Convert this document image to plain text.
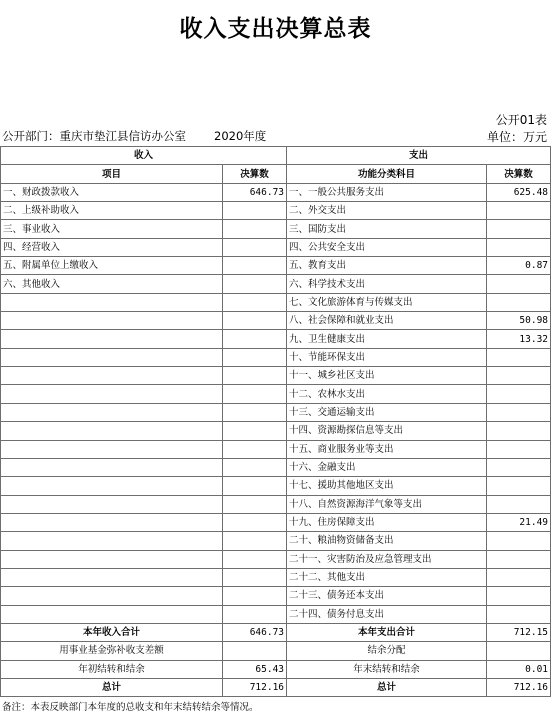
收入支出决算总表
公开01表
公开部门：重庆市垫江县信访办公室 2020年度	单位：万元
收入		支出	
项目	决算数	功能分类科目	决算数
一、财政拨款收入	646.73	一、一般公共服务支出	625.48
二、上级补助收入		二、外交支出	
三、事业收入		三、国防支出	
四、经营收入		四、公共安全支出	
五、附属单位上缴收入		五、教育支出	0.87
六、其他收入		六、科学技术支出	
		七、文化旅游体育与传媒支出	
		八、社会保障和就业支出	50.98
		九、卫生健康支出	13.32
		十、节能环保支出	
		十一、城乡社区支出	
		十二、农林水支出	
		十三、交通运输支出	
		十四、资源勘探信息等支出	
		十五、商业服务业等支出	
		十六、金融支出	
		十七、援助其他地区支出	
		十八、自然资源海洋气象等支出	
		十九、住房保障支出	21.49
		二十、粮油物资储备支出	
		二十一、灾害防治及应急管理支出	
		二十二、其他支出	
		二十三、债务还本支出	
		二十四、债务付息支出	
本年收入合计	646.73	本年支出合计	712.15
用事业基金弥补收支差额		结余分配	
年初结转和结余	65.43	年末结转和结余	0.01
总计	712.16	总计	712.16
备注：本表反映部门本年度的总收支和年末结转结余等情况。
